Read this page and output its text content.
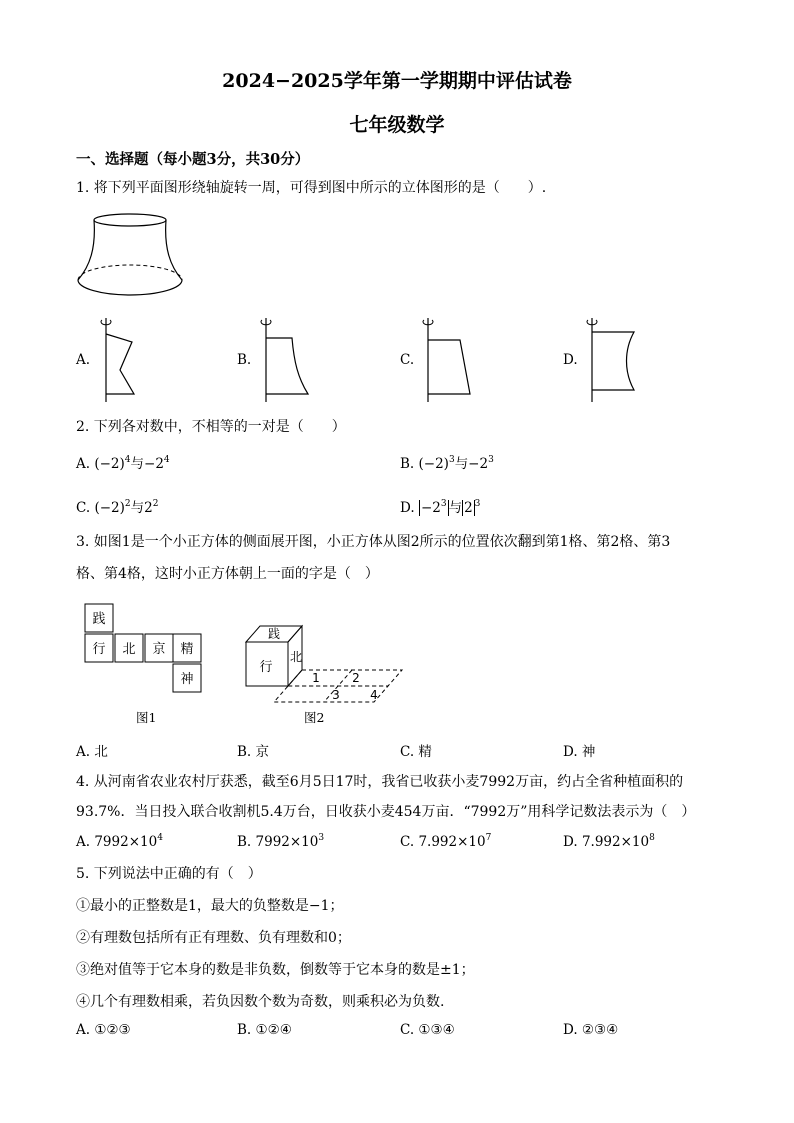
2024−2025学年第一学期期中评估试卷
七年级数学
一、选择题（每小题3分，共30分）
1. 将下列平面图形绕轴旋转一周，可得到图中所示的立体图形的是（　　）.
A.	B.	C.	D.
2. 下列各对数中，不相等的一对是（　　）
A. $(-2)^4$与$-2^4$	B. $(-2)^3$与$-2^3$
C. $(-2)^2$与$2^2$	D. $-2^3$ 与 2 $^3$
3. 如图1是一个小正方体的侧面展开图，小正方体从图2所示的位置依次翻到第1格、第2格、第3
格、第4格，这时小正方体朝上一面的字是（　）
践
行 北 京 精
神
图1
践
行
北
1	2
3	4
图2
A. 北	B. 京	C. 精	D. 神
4. 从河南省农业农村厅获悉，截至6月5日17时，我省已收获小麦7992万亩，约占全省种植面积的
93.7%．当日投入联合收割机5.4万台，日收获小麦454万亩．“7992万”用科学记数法表示为（　）
A. $7992\times 10^4$	B. $7992\times 10^3$	C. $7.992\times 10^7$	D. $7.992\times 10^8$
5. 下列说法中正确的有（　）
①最小的正整数是1，最大的负整数是−1；
②有理数包括所有正有理数、负有理数和0；
③绝对值等于它本身的数是非负数，倒数等于它本身的数是±1；
④几个有理数相乘，若负因数个数为奇数，则乘积必为负数.
A. ①②③	B. ①②④	C. ①③④	D. ②③④
